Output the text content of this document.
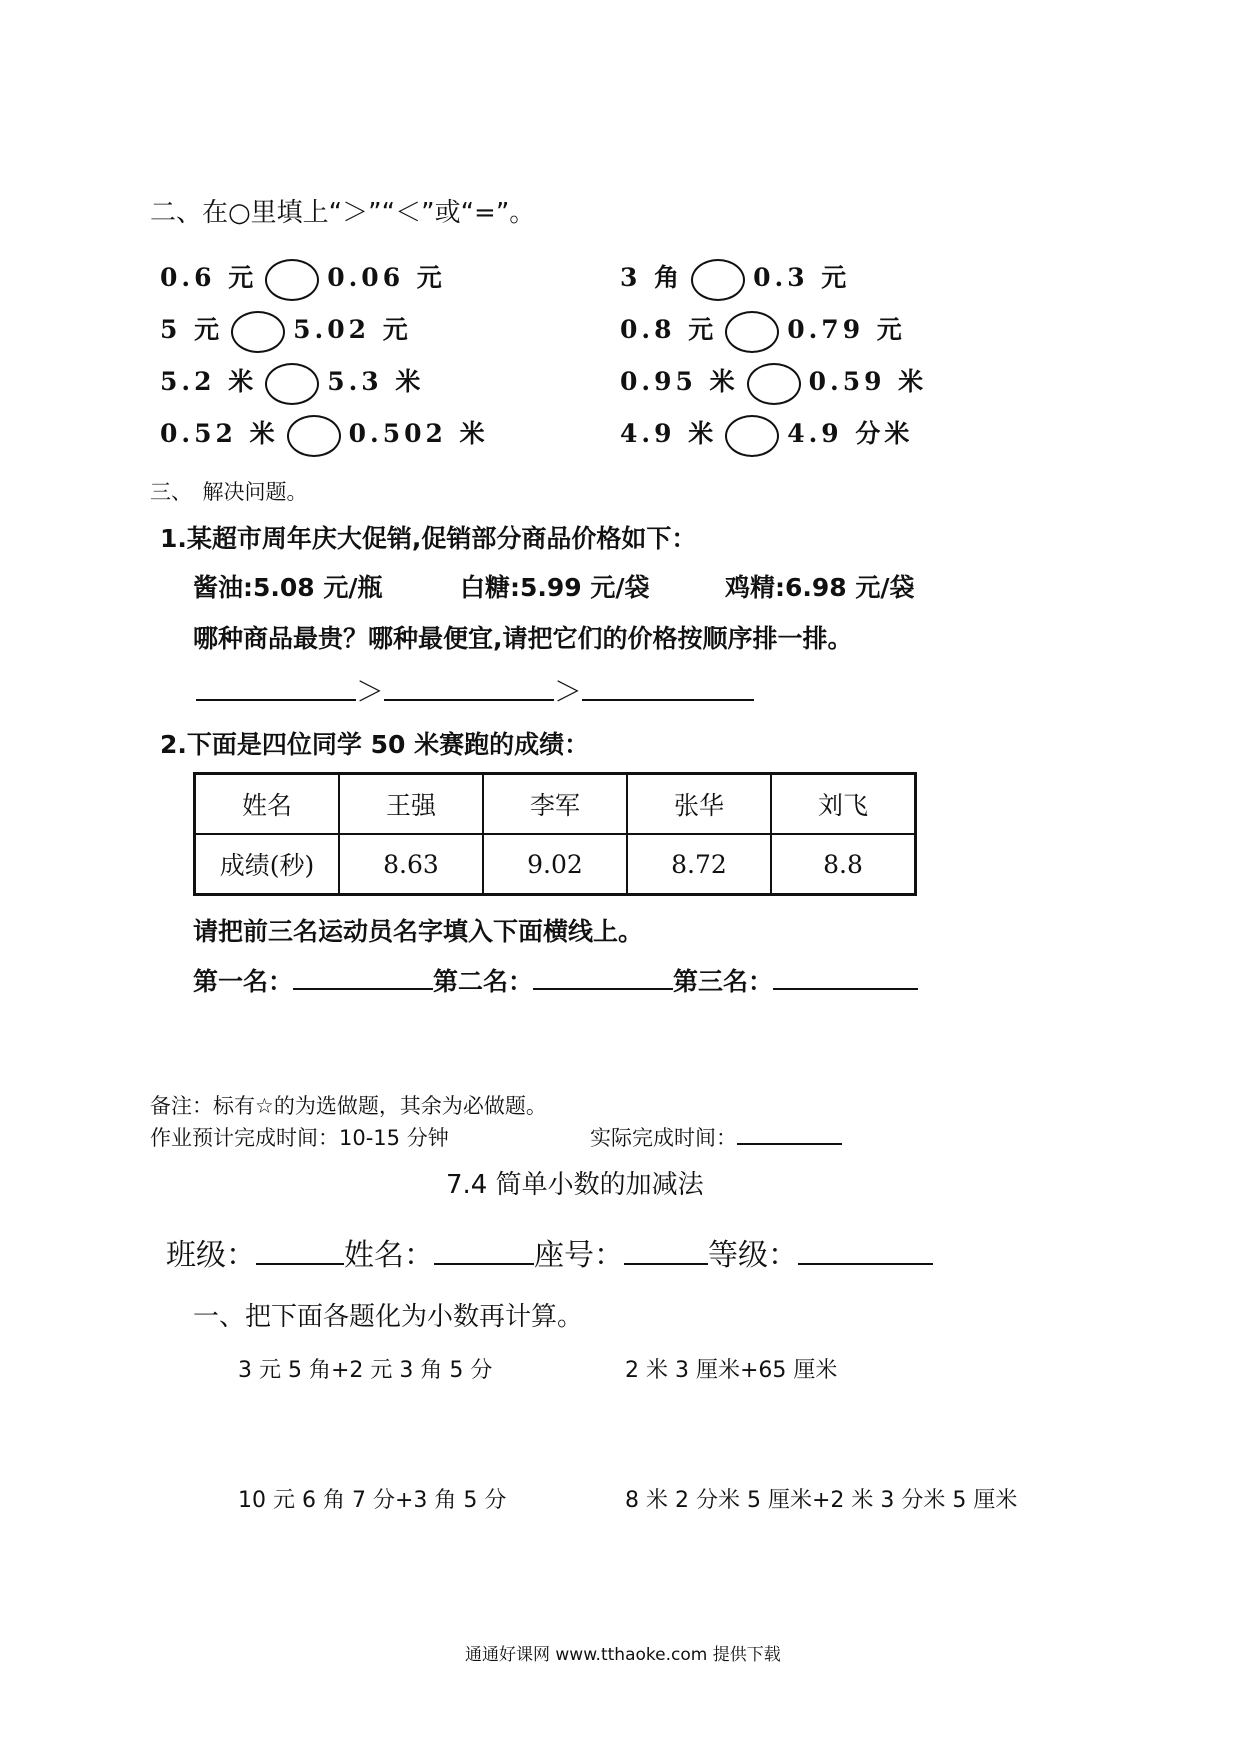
二、在○里填上“＞”“＜”或“=”。
0.6 元	0.06 元	3 角	0.3 元
5 元	5.02 元	0.8 元	0.79 元
5.2 米	5.3 米	0.95 米	0.59 米
0.52 米	0.502 米	4.9 米	4.9 分米
三、　解决问题。
1.某超市周年庆大促销,促销部分商品价格如下：
酱油:5.08 元/瓶	白糖:5.99 元/袋	鸡精:6.98 元/袋
哪种商品最贵？哪种最便宜,请把它们的价格按顺序排一排。
＞	＞
2.下面是四位同学 50 米赛跑的成绩：
姓名	王强	李军	张华	刘飞
成绩(秒)	8.63	9.02	8.72	8.8
请把前三名运动员名字填入下面横线上。
第一名：	第二名：	第三名：
备注：标有☆的为选做题，其余为必做题。
作业预计完成时间：10-15 分钟	实际完成时间：
7.4 简单小数的加减法
班级：	姓名：	座号：	等级：
一、把下面各题化为小数再计算。
3 元 5 角+2 元 3 角 5 分	2 米 3 厘米+65 厘米
10 元 6 角 7 分+3 角 5 分	8 米 2 分米 5 厘米+2 米 3 分米 5 厘米
通通好课网 www.tthaoke.com 提供下载
